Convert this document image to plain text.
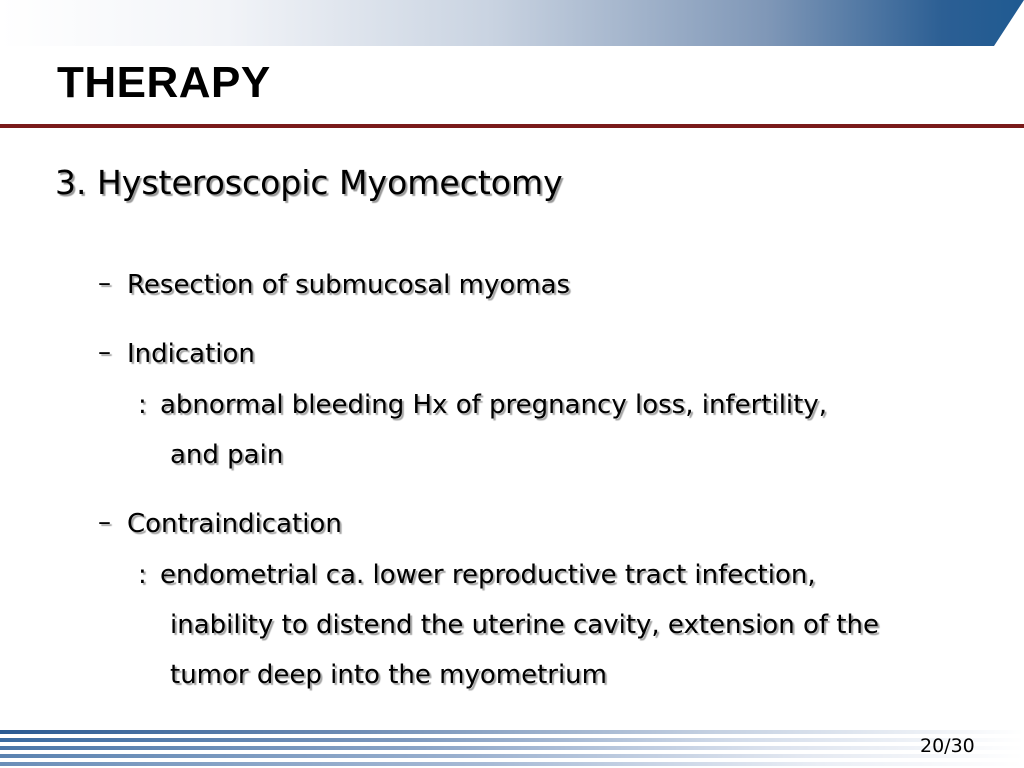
THERAPY
3. Hysteroscopic Myomectomy
– Resection of submucosal myomas
– Indication
: abnormal bleeding Hx of pregnancy loss, infertility,
and pain
– Contraindication
: endometrial ca. lower reproductive tract infection,
inability to distend the uterine cavity, extension of the
tumor deep into the myometrium
20/30
